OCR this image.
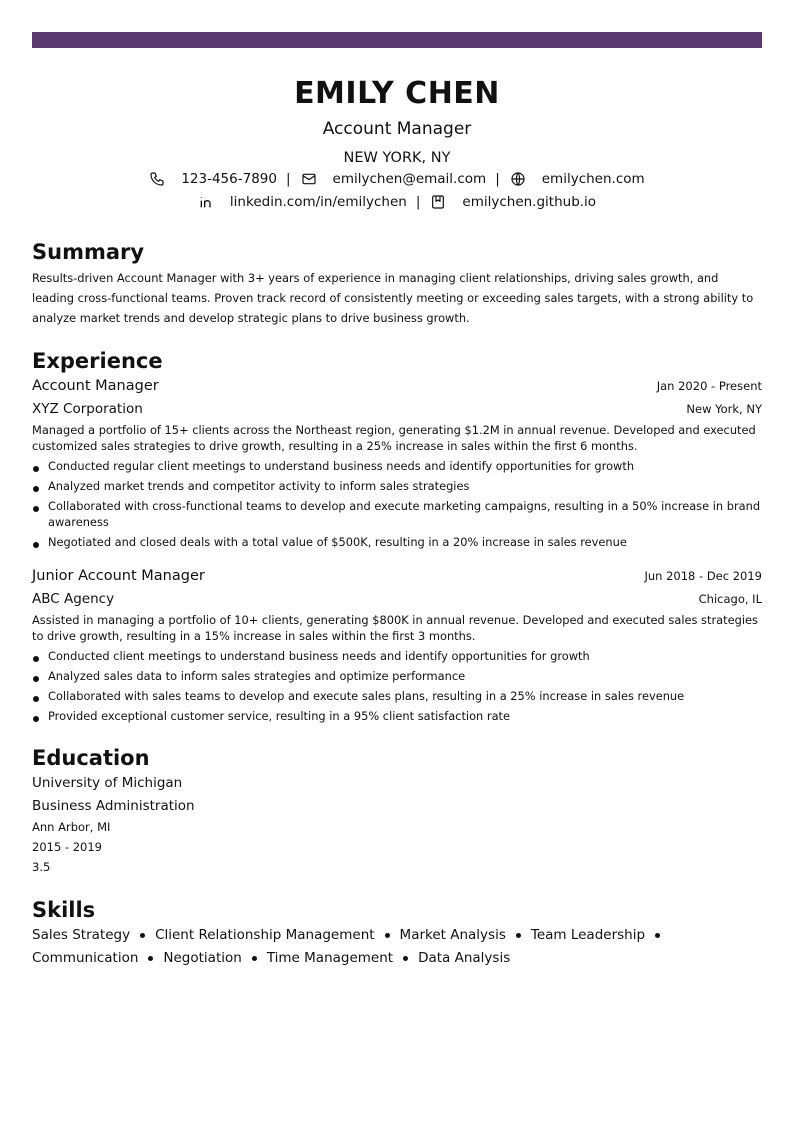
EMILY CHEN
Account Manager
NEW YORK, NY
123-456-7890 |	emilychen@email.com |	emilychen.com
linkedin.com/in/emilychen |	emilychen.github.io
Summary
Results-driven Account Manager with 3+ years of experience in managing client relationships, driving sales growth, and leading cross-functional teams. Proven track record of consistently meeting or exceeding sales targets, with a strong ability to analyze market trends and develop strategic plans to drive business growth.
Experience
Account Manager	Jan 2020 - Present
XYZ Corporation	New York, NY
Managed a portfolio of 15+ clients across the Northeast region, generating $1.2M in annual revenue. Developed and executed customized sales strategies to drive growth, resulting in a 25% increase in sales within the first 6 months.
Conducted regular client meetings to understand business needs and identify opportunities for growth
Analyzed market trends and competitor activity to inform sales strategies
Collaborated with cross-functional teams to develop and execute marketing campaigns, resulting in a 50% increase in brand awareness
Negotiated and closed deals with a total value of $500K, resulting in a 20% increase in sales revenue
Junior Account Manager	Jun 2018 - Dec 2019
ABC Agency	Chicago, IL
Assisted in managing a portfolio of 10+ clients, generating $800K in annual revenue. Developed and executed sales strategies to drive growth, resulting in a 15% increase in sales within the first 3 months.
Conducted client meetings to understand business needs and identify opportunities for growth
Analyzed sales data to inform sales strategies and optimize performance
Collaborated with sales teams to develop and execute sales plans, resulting in a 25% increase in sales revenue
Provided exceptional customer service, resulting in a 95% client satisfaction rate
Education
University of Michigan
Business Administration
Ann Arbor, MI
2015 - 2019
3.5
Skills
Sales Strategy Client Relationship Management Market Analysis Team Leadership
Communication Negotiation Time Management Data Analysis
